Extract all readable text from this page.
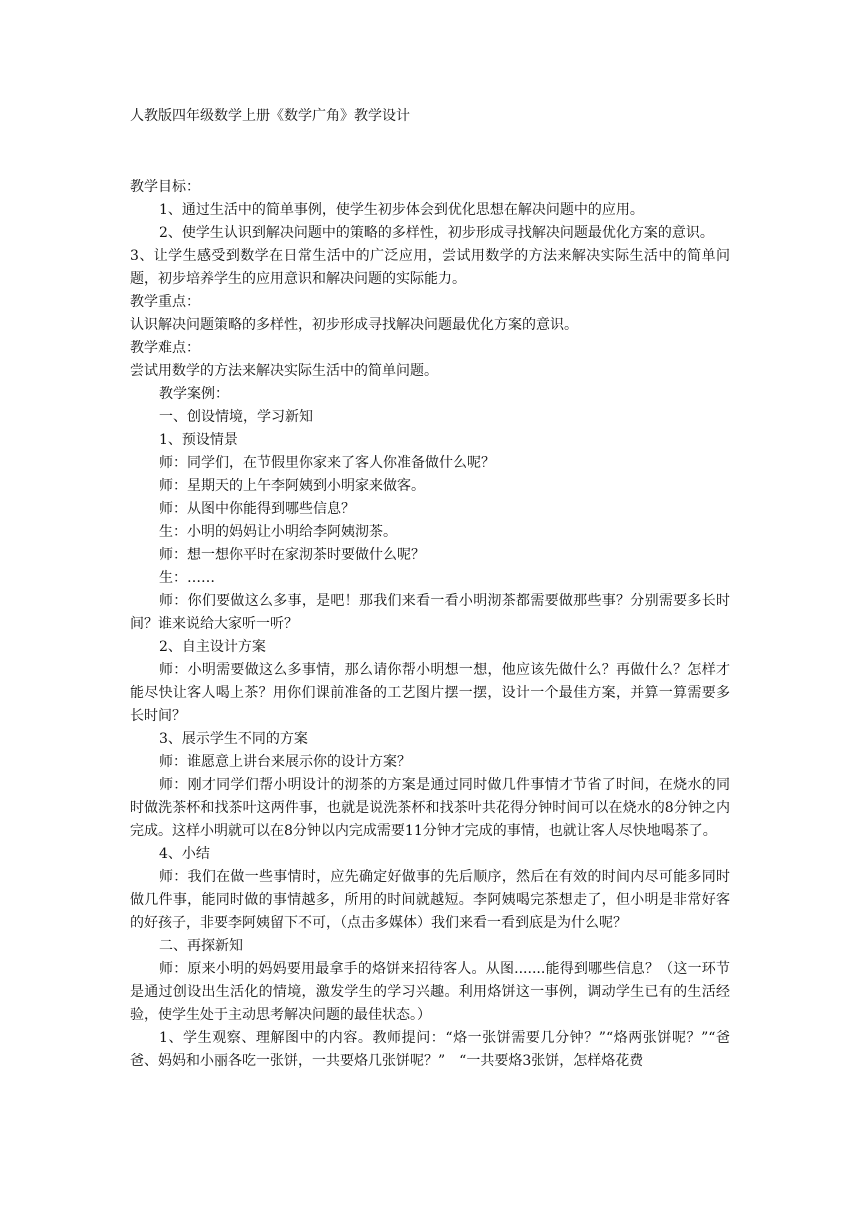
人教版四年级数学上册《数学广角》教学设计

教学目标：

1、通过生活中的简单事例，使学生初步体会到优化思想在解决问题中的应用。

2、使学生认识到解决问题中的策略的多样性，初步形成寻找解决问题最优化方案的意识。

3、让学生感受到数学在日常生活中的广泛应用，尝试用数学的方法来解决实际生活中的简单问题，初步培养学生的应用意识和解决问题的实际能力。

教学重点：

认识解决问题策略的多样性，初步形成寻找解决问题最优化方案的意识。

教学难点：

尝试用数学的方法来解决实际生活中的简单问题。

教学案例：

一、创设情境，学习新知

1、预设情景

师：同学们，在节假里你家来了客人你准备做什么呢？

师：星期天的上午李阿姨到小明家来做客。

师：从图中你能得到哪些信息？

生：小明的妈妈让小明给李阿姨沏茶。

师：想一想你平时在家沏茶时要做什么呢？

生：……

师：你们要做这么多事，是吧！那我们来看一看小明沏茶都需要做那些事？分别需要多长时间？谁来说给大家听一听？

2、自主设计方案

师：小明需要做这么多事情，那么请你帮小明想一想，他应该先做什么？再做什么？怎样才能尽快让客人喝上茶？用你们课前准备的工艺图片摆一摆，设计一个最佳方案，并算一算需要多长时间？

3、展示学生不同的方案

师：谁愿意上讲台来展示你的设计方案？

师：刚才同学们帮小明设计的沏茶的方案是通过同时做几件事情才节省了时间，在烧水的同时做洗茶杯和找茶叶这两件事，也就是说洗茶杯和找茶叶共花得分钟时间可以在烧水的8分钟之内完成。这样小明就可以在8分钟以内完成需要11分钟才完成的事情，也就让客人尽快地喝茶了。

4、小结

师：我们在做一些事情时，应先确定好做事的先后顺序，然后在有效的时间内尽可能多同时做几件事，能同时做的事情越多，所用的时间就越短。李阿姨喝完茶想走了，但小明是非常好客的好孩子，非要李阿姨留下不可，（点击多媒体）我们来看一看到底是为什么呢？

二、再探新知

师：原来小明的妈妈要用最拿手的烙饼来招待客人。从图.......能得到哪些信息？（这一环节是通过创设出生活化的情境，激发学生的学习兴趣。利用烙饼这一事例，调动学生已有的生活经验，使学生处于主动思考解决问题的最佳状态。）

1、学生观察、理解图中的内容。教师提问：“烙一张饼需要几分钟？”“烙两张饼呢？”“爸爸、妈妈和小丽各吃一张饼，一共要烙几张饼呢？”　“一共要烙3张饼，怎样烙花费
